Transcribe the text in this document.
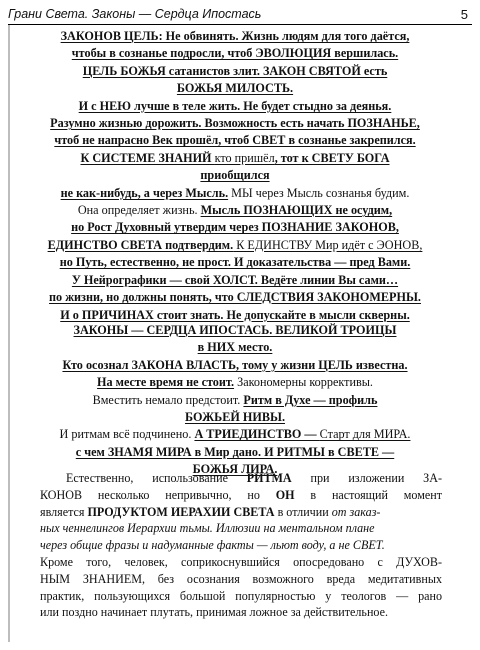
Грани Света. Законы — Сердца Ипостась	5
ЗАКОНОВ ЦЕЛЬ: Не обвинять. Жизнь людям для того даётся,
чтобы в сознанье подросли, чтоб ЭВОЛЮЦИЯ вершилась.
ЦЕЛЬ БОЖЬЯ сатанистов злит. ЗАКОН СВЯТОЙ есть
БОЖЬЯ МИЛОСТЬ.
И с НЕЮ лучше в теле жить. Не будет стыдно за деянья.
Разумно жизнью дорожить. Возможность есть начать ПОЗНАНЬЕ,
чтоб не напрасно Век прошёл, чтоб СВЕТ в сознанье закрепился.
К СИСТЕМЕ ЗНАНИЙ кто пришёл, тот к СВЕТУ БОГА
приобщился
не как-нибудь, а через Мысль. МЫ через Мысль сознанья будим.
Она определяет жизнь. Мысль ПОЗНАЮЩИХ не осудим,
но Рост Духовный утвердим через ПОЗНАНИЕ ЗАКОНОВ,
ЕДИНСТВО СВЕТА подтвердим. К ЕДИНСТВУ Мир идёт с ЭОНОВ,
но Путь, естественно, не прост. И доказательства — пред Вами.
У Нейрографики — свой ХОЛСТ. Ведёте линии Вы сами…
по жизни, но должны понять, что СЛЕДСТВИЯ ЗАКОНОМЕРНЫ.
И о ПРИЧИНАХ стоит знать. Не допускайте в мысли скверны.
ЗАКОНЫ — СЕРДЦА ИПОСТАСЬ. ВЕЛИКОЙ ТРОИЦЫ
в НИХ место.
Кто осознал ЗАКОНА ВЛАСТЬ, тому у жизни ЦЕЛЬ известна.
На месте время не стоит. Закономерны коррективы.
Вместить немало предстоит. Ритм в Духе — профиль
БОЖЬЕЙ НИВЫ.
И ритмам всё подчинено. А ТРИЕДИНСТВО — Старт для МИРА.
с чем ЗНАМЯ МИРА в Мир дано. И РИТМЫ в СВЕТЕ —
БОЖЬЯ ЛИРА.
Естественно, использование РИТМА при изложении ЗА-
КОНОВ несколько непривычно, но ОН в настоящий момент
является ПРОДУКТОМ ИЕРАХИИ СВЕТА в отличии от заказ-
ных ченнелингов Иерархии тьмы. Иллюзии на ментальном плане
через общие фразы и надуманные факты — льют воду, а не СВЕТ.
Кроме того, человек, соприкоснувшийся опосредовано с ДУХОВ-
НЫМ ЗНАНИЕМ, без осознания возможного вреда медитативных
практик, пользующихся большой популярностью у теологов — рано
или поздно начинает плутать, принимая ложное за действительное.
